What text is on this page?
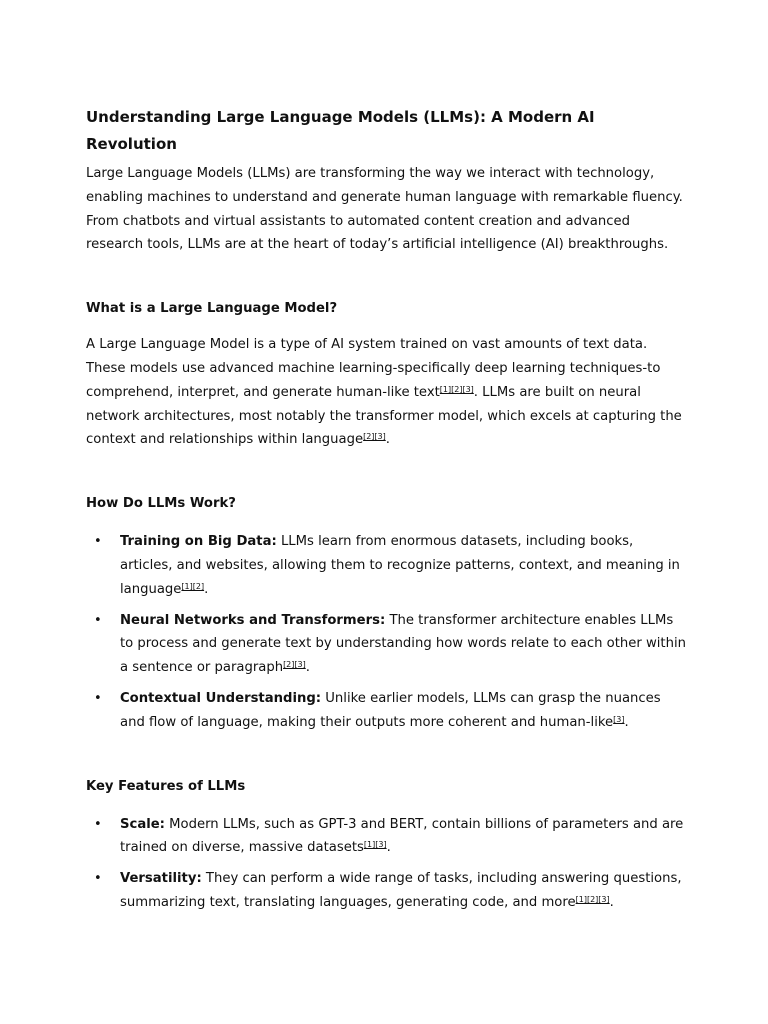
Understanding Large Language Models (LLMs): A Modern AI Revolution

Large Language Models (LLMs) are transforming the way we interact with technology, enabling machines to understand and generate human language with remarkable fluency. From chatbots and virtual assistants to automated content creation and advanced research tools, LLMs are at the heart of today’s artificial intelligence (AI) breakthroughs.

What is a Large Language Model?

A Large Language Model is a type of AI system trained on vast amounts of text data. These models use advanced machine learning-specifically deep learning techniques-to comprehend, interpret, and generate human-like text[1][2][3]. LLMs are built on neural network architectures, most notably the transformer model, which excels at capturing the context and relationships within language[2][3].

How Do LLMs Work?
• Training on Big Data: LLMs learn from enormous datasets, including books, articles, and websites, allowing them to recognize patterns, context, and meaning in language[1][2].
• Neural Networks and Transformers: The transformer architecture enables LLMs to process and generate text by understanding how words relate to each other within a sentence or paragraph[2][3].
• Contextual Understanding: Unlike earlier models, LLMs can grasp the nuances and flow of language, making their outputs more coherent and human-like[3].
Key Features of LLMs
• Scale: Modern LLMs, such as GPT-3 and BERT, contain billions of parameters and are trained on diverse, massive datasets[1][3].
• Versatility: They can perform a wide range of tasks, including answering questions, summarizing text, translating languages, generating code, and more[1][2][3].
